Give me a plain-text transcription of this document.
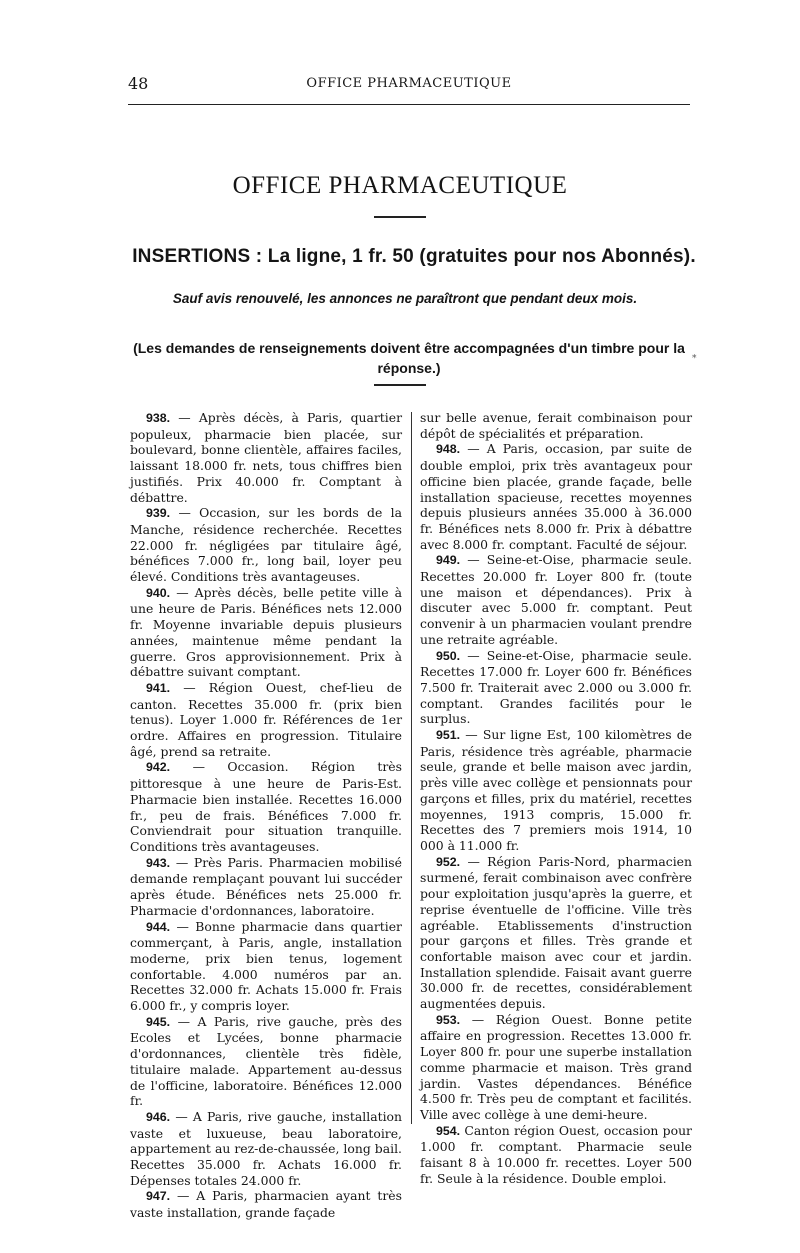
48	OFFICE PHARMACEUTIQUE
OFFICE PHARMACEUTIQUE
INSERTIONS : La ligne, 1 fr. 50 (gratuites pour nos Abonnés).
Sauf avis renouvelé, les annonces ne paraîtront que pendant deux mois.
(Les demandes de renseignements doivent être accompagnées d'un timbre pour la réponse.)
*

938. — Après décès, à Paris, quartier populeux, pharmacie bien placée, sur boulevard, bonne clientèle, affaires faciles, laissant 18.000 fr. nets, tous chiffres bien justifiés. Prix 40.000 fr. Comptant à débattre.

939. — Occasion, sur les bords de la Manche, résidence recherchée. Recettes 22.000 fr. négligées par titulaire âgé, bénéfices 7.000 fr., long bail, loyer peu élevé. Conditions très avantageuses.

940. — Après décès, belle petite ville à une heure de Paris. Bénéfices nets 12.000 fr. Moyenne invariable depuis plusieurs années, maintenue même pendant la guerre. Gros approvisionnement. Prix à débattre suivant comptant.

941. — Région Ouest, chef-lieu de canton. Recettes 35.000 fr. (prix bien tenus). Loyer 1.000 fr. Références de 1er ordre. Affaires en progression. Titulaire âgé, prend sa retraite.

942. — Occasion. Région très pittoresque à une heure de Paris-Est. Pharmacie bien installée. Recettes 16.000 fr., peu de frais. Bénéfices 7.000 fr. Conviendrait pour situation tranquille. Conditions très avantageuses.

943. — Près Paris. Pharmacien mobilisé demande remplaçant pouvant lui succéder après étude. Bénéfices nets 25.000 fr. Pharmacie d'ordonnances, laboratoire.

944. — Bonne pharmacie dans quartier commerçant, à Paris, angle, installation moderne, prix bien tenus, logement confortable. 4.000 numéros par an. Recettes 32.000 fr. Achats 15.000 fr. Frais 6.000 fr., y compris loyer.

945. — A Paris, rive gauche, près des Ecoles et Lycées, bonne pharmacie d'ordonnances, clientèle très fidèle, titulaire malade. Appartement au-dessus de l'officine, laboratoire. Bénéfices 12.000 fr.

946. — A Paris, rive gauche, installation vaste et luxueuse, beau laboratoire, appartement au rez-de-chaussée, long bail. Recettes 35.000 fr. Achats 16.000 fr. Dépenses totales 24.000 fr.

947. — A Paris, pharmacien ayant très vaste installation, grande façade

sur belle avenue, ferait combinaison pour dépôt de spécialités et préparation.

948. — A Paris, occasion, par suite de double emploi, prix très avantageux pour officine bien placée, grande façade, belle installation spacieuse, recettes moyennes depuis plusieurs années 35.000 à 36.000 fr. Bénéfices nets 8.000 fr. Prix à débattre avec 8.000 fr. comptant. Faculté de séjour.

949. — Seine-et-Oise, pharmacie seule. Recettes 20.000 fr. Loyer 800 fr. (toute une maison et dépendances). Prix à discuter avec 5.000 fr. comptant. Peut convenir à un pharmacien voulant prendre une retraite agréable.

950. — Seine-et-Oise, pharmacie seule. Recettes 17.000 fr. Loyer 600 fr. Bénéfices 7.500 fr. Traiterait avec 2.000 ou 3.000 fr. comptant. Grandes facilités pour le surplus.

951. — Sur ligne Est, 100 kilomètres de Paris, résidence très agréable, pharmacie seule, grande et belle maison avec jardin, près ville avec collège et pensionnats pour garçons et filles, prix du matériel, recettes moyennes, 1913 compris, 15.000 fr. Recettes des 7 premiers mois 1914, 10 000 à 11.000 fr.

952. — Région Paris-Nord, pharmacien surmené, ferait combinaison avec confrère pour exploitation jusqu'après la guerre, et reprise éventuelle de l'officine. Ville très agréable. Etablissements d'instruction pour garçons et filles. Très grande et confortable maison avec cour et jardin. Installation splendide. Faisait avant guerre 30.000 fr. de recettes, considérablement augmentées depuis.

953. — Région Ouest. Bonne petite affaire en progression. Recettes 13.000 fr. Loyer 800 fr. pour une superbe installation comme pharmacie et maison. Très grand jardin. Vastes dépendances. Bénéfice 4.500 fr. Très peu de comptant et facilités. Ville avec collège à une demi-heure.

954. Canton région Ouest, occasion pour 1.000 fr. comptant. Pharmacie seule faisant 8 à 10.000 fr. recettes. Loyer 500 fr. Seule à la résidence. Double emploi.
